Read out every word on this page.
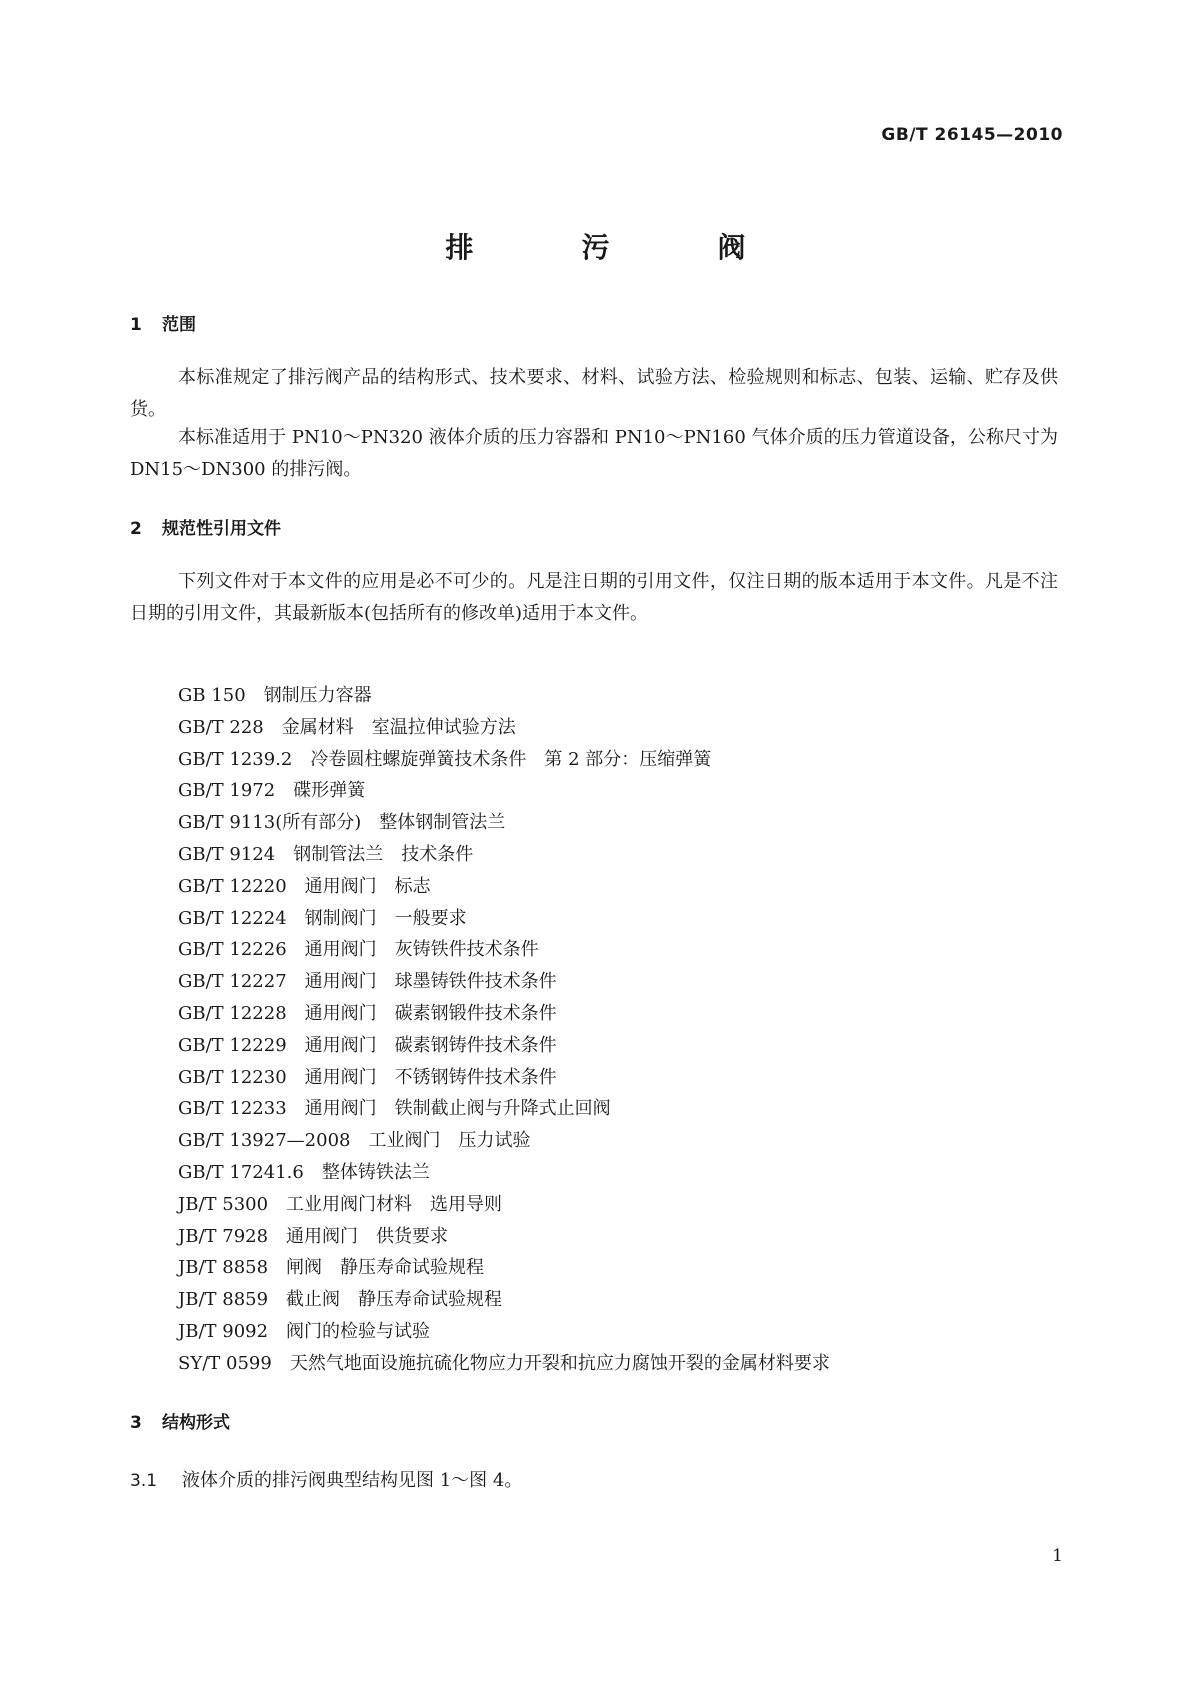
GB/T 26145—2010
排　污　阀
1 范围

本标准规定了排污阀产品的结构形式、技术要求、材料、试验方法、检验规则和标志、包装、运输、贮存及供货。

本标准适用于 PN10～PN320 液体介质的压力容器和 PN10～PN160 气体介质的压力管道设备，公称尺寸为 DN15～DN300 的排污阀。

2 规范性引用文件

下列文件对于本文件的应用是必不可少的。凡是注日期的引用文件，仅注日期的版本适用于本文件。凡是不注日期的引用文件，其最新版本(包括所有的修改单)适用于本文件。

GB 150 钢制压力容器
GB/T 228 金属材料　室温拉伸试验方法
GB/T 1239.2 冷卷圆柱螺旋弹簧技术条件　第 2 部分：压缩弹簧
GB/T 1972 碟形弹簧
GB/T 9113(所有部分) 整体钢制管法兰
GB/T 9124 钢制管法兰　技术条件
GB/T 12220 通用阀门　标志
GB/T 12224 钢制阀门　一般要求
GB/T 12226 通用阀门　灰铸铁件技术条件
GB/T 12227 通用阀门　球墨铸铁件技术条件
GB/T 12228 通用阀门　碳素钢锻件技术条件
GB/T 12229 通用阀门　碳素钢铸件技术条件
GB/T 12230 通用阀门　不锈钢铸件技术条件
GB/T 12233 通用阀门　铁制截止阀与升降式止回阀
GB/T 13927—2008 工业阀门　压力试验
GB/T 17241.6 整体铸铁法兰
JB/T 5300 工业用阀门材料　选用导则
JB/T 7928 通用阀门　供货要求
JB/T 8858 闸阀　静压寿命试验规程
JB/T 8859 截止阀　静压寿命试验规程
JB/T 9092 阀门的检验与试验
SY/T 0599 天然气地面设施抗硫化物应力开裂和抗应力腐蚀开裂的金属材料要求
3 结构形式
3.1 液体介质的排污阀典型结构见图 1～图 4。
1
